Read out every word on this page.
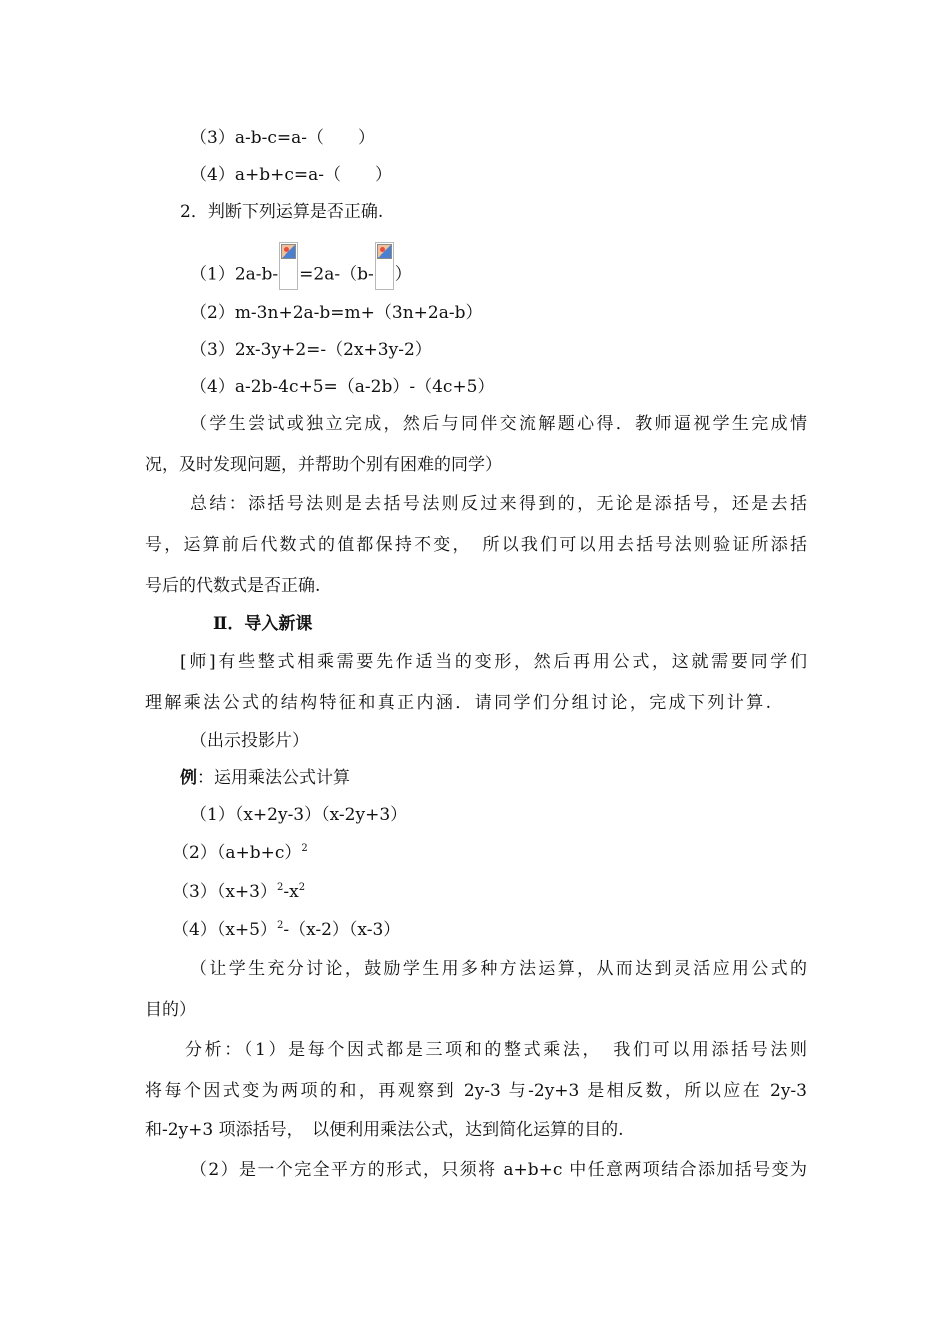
（3）a-b-c=a-（　　）
（4）a+b+c=a-（　　）
2．判断下列运算是否正确.
（1）2a-b- =2a-（b- ）
（2）m-3n+2a-b=m+（3n+2a-b）
（3）2x-3y+2=-（2x+3y-2）
（4）a-2b-4c+5=（a-2b）-（4c+5）
（学生尝试或独立完成，然后与同伴交流解题心得．教师逼视学生完成情
况，及时发现问题，并帮助个别有困难的同学）
总结：添括号法则是去括号法则反过来得到的，无论是添括号，还是去括
号，运算前后代数式的值都保持不变，　所以我们可以用去括号法则验证所添括
号后的代数式是否正确.
Ⅱ．导入新课
[师]有些整式相乘需要先作适当的变形，然后再用公式，这就需要同学们
理解乘法公式的结构特征和真正内涵．请同学们分组讨论，完成下列计算.
（出示投影片）
例：运用乘法公式计算
（1）（x+2y-3）（x-2y+3）
$(2)(a+b+c)^2$
$(3)(x+3)^2-x^2$
$(4)(x+5)^2-(x-2)(x-3)$
（让学生充分讨论，鼓励学生用多种方法运算，从而达到灵活应用公式的
目的）
分析：（1）是每个因式都是三项和的整式乘法，　我们可以用添括号法则
将每个因式变为两项的和，再观察到 2y-3 与-2y+3 是相反数，所以应在 2y-3
和-2y+3 项添括号，　以便利用乘法公式，达到简化运算的目的.
（2）是一个完全平方的形式，只须将 a+b+c 中任意两项结合添加括号变为
